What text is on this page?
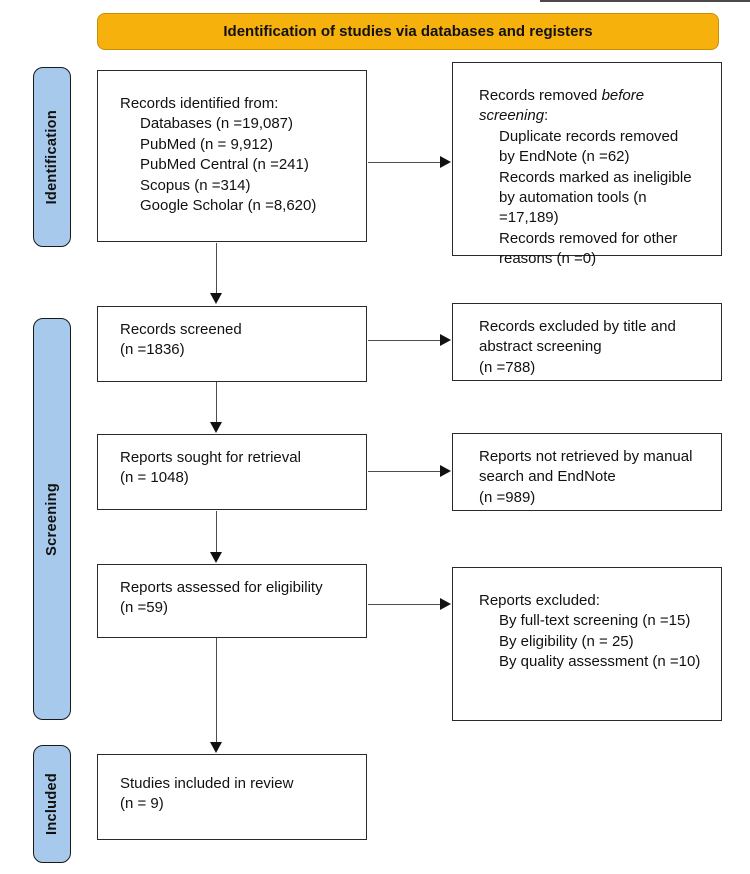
Identification of studies via databases and registers
Identification
Screening
Included
Records identified from:
Databases (n =19,087)
PubMed (n = 9,912)
PubMed Central (n =241)
Scopus (n =314)
Google Scholar (n =8,620)
Records removed before screening:
Duplicate records removed by EndNote (n =62)
Records marked as ineligible by automation tools (n =17,189)
Records removed for other reasons (n =0)
Records screened
(n =1836)
Records excluded by title and abstract screening
(n =788)
Reports sought for retrieval
(n = 1048)
Reports not retrieved by manual search and EndNote
(n =989)
Reports assessed for eligibility
(n =59)	Reports excluded:
By full-text screening (n =15)
By eligibility (n = 25)
By quality assessment (n =10)
Studies included in review
(n = 9)
